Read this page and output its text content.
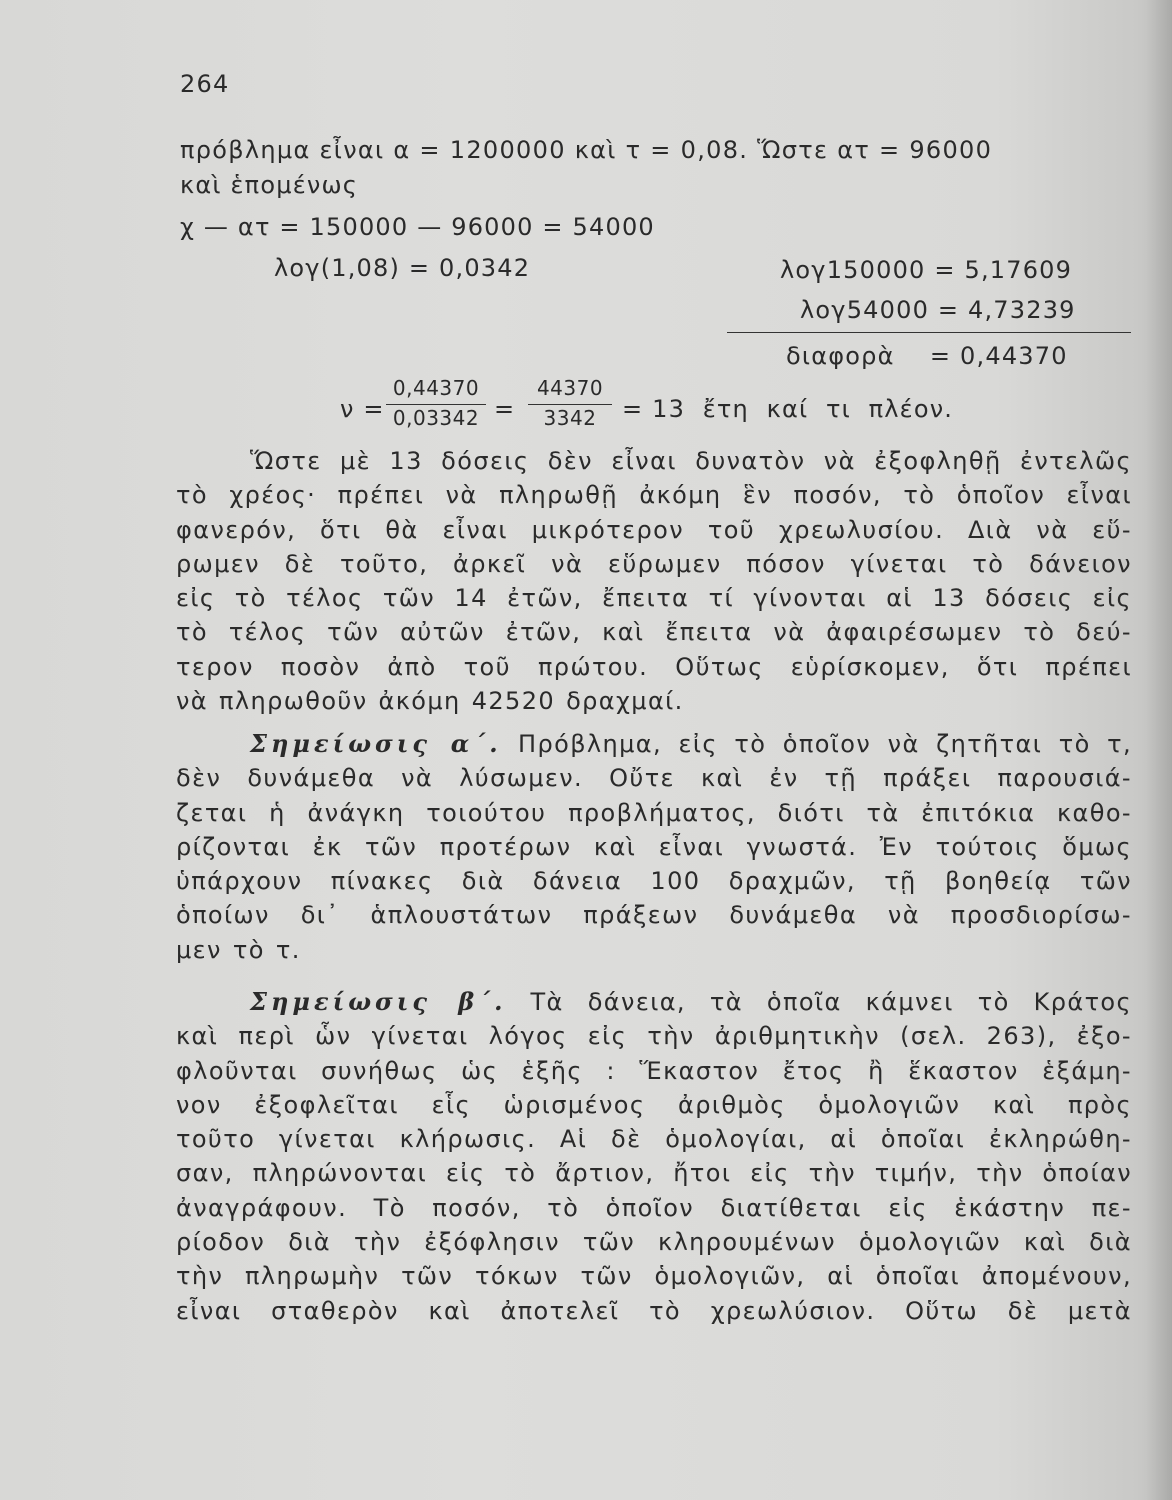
264
πρόβλημα εἶναι α = 1200000 καὶ τ = 0,08. Ὥστε ατ = 96000
καὶ ἑπομένως
χ — ατ = 150000 — 96000 = 54000
λογ(1,08) = 0,0342	λογ150000 = 5,17609
λογ54000 = 4,73239
διαφορὰ    = 0,44370
ν =
0,44370
0,03342 =
44370
3342	= 13  ἔτη  καί  τι  πλέον.
Ὥστε μὲ 13 δόσεις δὲν εἶναι δυνατὸν νὰ ἐξοφληθῇ ἐντελῶς
τὸ χρέος· πρέπει νὰ πληρωθῇ ἀκόμη ἓν ποσόν, τὸ ὁποῖον εἶναι
φανερόν, ὅτι θὰ εἶναι μικρότερον τοῦ χρεωλυσίου. Διὰ νὰ εὕ-
ρωμεν δὲ τοῦτο, ἀρκεῖ νὰ εὕρωμεν πόσον γίνεται τὸ δάνειον
εἰς τὸ τέλος τῶν 14 ἐτῶν, ἔπειτα τί γίνονται αἱ 13 δόσεις εἰς
τὸ τέλος τῶν αὐτῶν ἐτῶν, καὶ ἔπειτα νὰ ἀφαιρέσωμεν τὸ δεύ-
τερον ποσὸν ἀπὸ τοῦ πρώτου. Οὕτως εὑρίσκομεν, ὅτι πρέπει
νὰ πληρωθοῦν ἀκόμη 42520 δραχμαί.
Σημείωσις α΄. Πρόβλημα, εἰς τὸ ὁποῖον νὰ ζητῆται τὸ τ,
δὲν δυνάμεθα νὰ λύσωμεν. Οὔτε καὶ ἐν τῇ πράξει παρουσιά-
ζεται ἡ ἀνάγκη τοιούτου προβλήματος, διότι τὰ ἐπιτόκια καθο-
ρίζονται ἐκ τῶν προτέρων καὶ εἶναι γνωστά. Ἐν τούτοις ὅμως
ὑπάρχουν πίνακες διὰ δάνεια 100 δραχμῶν, τῇ βοηθείᾳ τῶν
ὁποίων δι᾽ ἁπλουστάτων πράξεων δυνάμεθα νὰ προσδιορίσω-
μεν τὸ τ.
Σημείωσις β΄. Τὰ δάνεια, τὰ ὁποῖα κάμνει τὸ Κράτος
καὶ περὶ ὧν γίνεται λόγος εἰς τὴν ἀριθμητικὴν (σελ. 263), ἐξο-
φλοῦνται συνήθως ὡς ἑξῆς : Ἕκαστον ἔτος ἢ ἕκαστον ἑξάμη-
νον ἐξοφλεῖται εἷς ὡρισμένος ἀριθμὸς ὁμολογιῶν καὶ πρὸς
τοῦτο γίνεται κλήρωσις. Αἱ δὲ ὁμολογίαι, αἱ ὁποῖαι ἐκληρώθη-
σαν, πληρώνονται εἰς τὸ ἄρτιον, ἤτοι εἰς τὴν τιμήν, τὴν ὁποίαν
ἀναγράφουν. Τὸ ποσόν, τὸ ὁποῖον διατίθεται εἰς ἑκάστην πε-
ρίοδον διὰ τὴν ἐξόφλησιν τῶν κληρουμένων ὁμολογιῶν καὶ διὰ
τὴν πληρωμὴν τῶν τόκων τῶν ὁμολογιῶν, αἱ ὁποῖαι ἀπομένουν,
εἶναι σταθερὸν καὶ ἀποτελεῖ τὸ χρεωλύσιον. Οὕτω δὲ μετὰ
